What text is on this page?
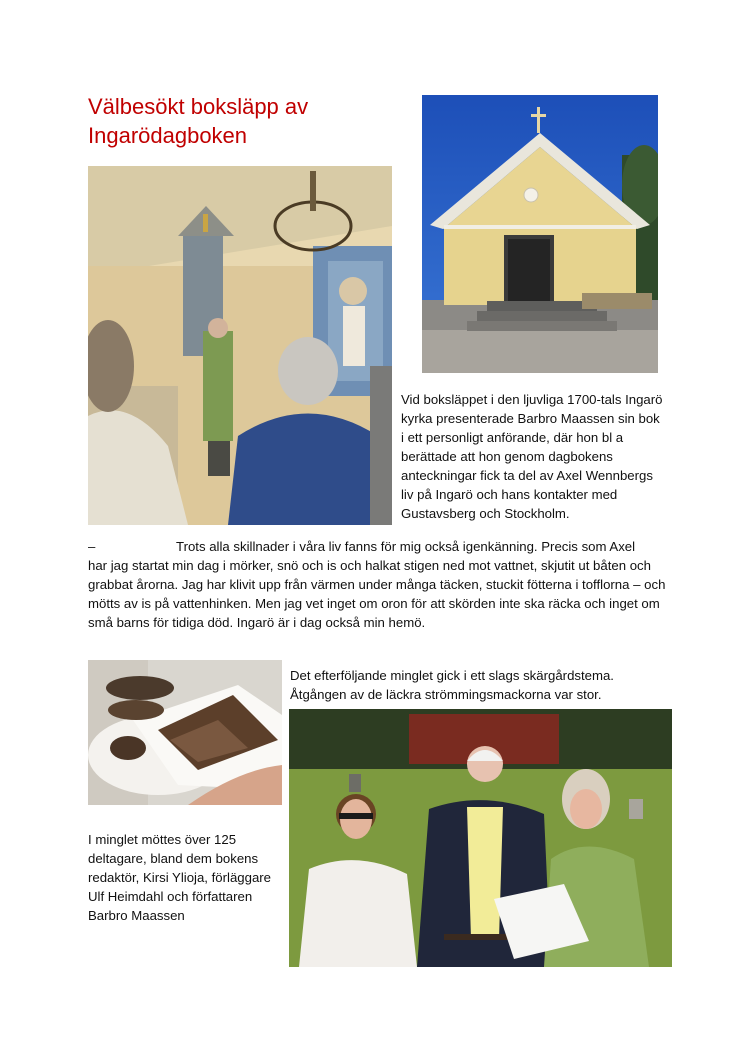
Välbesökt boksläpp av
Ingarödagboken
Vid boksläppet i den ljuvliga 1700-tals Ingarö kyrka presenterade Barbro Maassen sin bok i ett personligt anförande, där hon bl a berättade att hon genom dagbokens anteckningar fick ta del av Axel Wennbergs liv på Ingarö och hans kontakter med Gustavsberg och Stockholm.
–	Trots alla skillnader i våra liv fanns för mig också igenkänning. Precis som Axel
har jag startat min dag i mörker, snö och is och halkat stigen ned mot vattnet, skjutit ut båten och grabbat årorna. Jag har klivit upp från värmen under många täcken, stuckit fötterna i tofflorna – och mötts av is på vattenhinken. Men jag vet inget om oron för att skörden inte ska räcka och inget om små barns för tidiga död. Ingarö är i dag också min hemö.
Det efterföljande minglet gick i ett slags skärgårdstema. Åtgången av de läckra strömmingsmackorna var stor.
I minglet möttes över 125 deltagare, bland dem bokens redaktör, Kirsi Ylioja, förläggare Ulf Heimdahl och författaren Barbro Maassen
